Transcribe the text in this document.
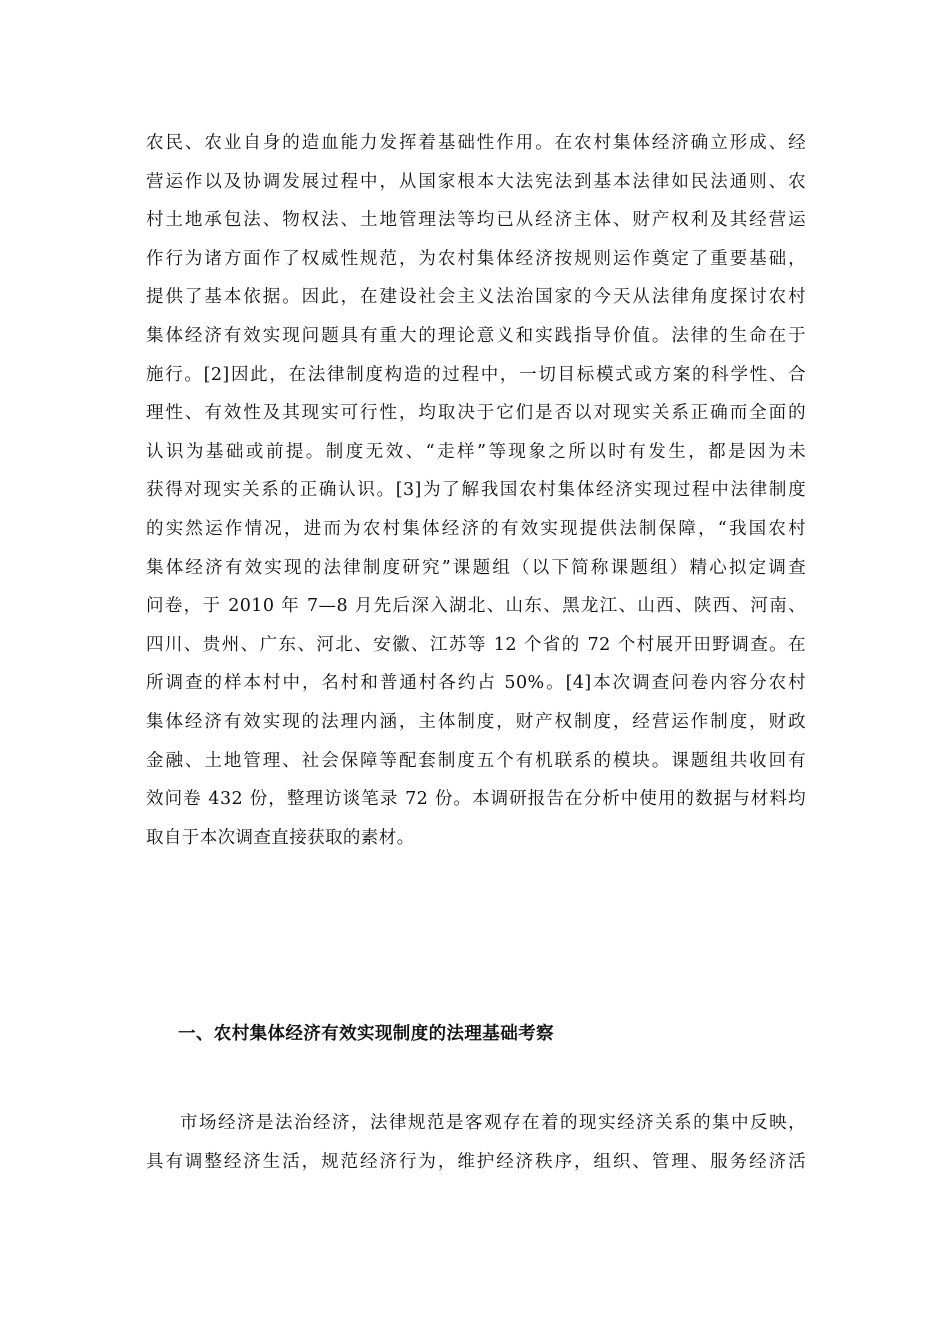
农民、农业自身的造血能力发挥着基础性作用。在农村集体经济确立形成、经
营运作以及协调发展过程中，从国家根本大法宪法到基本法律如民法通则、农
村土地承包法、物权法、土地管理法等均已从经济主体、财产权利及其经营运
作行为诸方面作了权威性规范，为农村集体经济按规则运作奠定了重要基础，
提供了基本依据。因此，在建设社会主义法治国家的今天从法律角度探讨农村
集体经济有效实现问题具有重大的理论意义和实践指导价值。法律的生命在于
施行。[2]因此，在法律制度构造的过程中，一切目标模式或方案的科学性、合
理性、有效性及其现实可行性，均取决于它们是否以对现实关系正确而全面的
认识为基础或前提。制度无效、“走样”等现象之所以时有发生，都是因为未
获得对现实关系的正确认识。[3]为了解我国农村集体经济实现过程中法律制度
的实然运作情况，进而为农村集体经济的有效实现提供法制保障，“我国农村
集体经济有效实现的法律制度研究”课题组（以下简称课题组）精心拟定调查
问卷，于 2010 年 7—8 月先后深入湖北、山东、黑龙江、山西、陕西、河南、
四川、贵州、广东、河北、安徽、江苏等 12 个省的 72 个村展开田野调查。在
所调查的样本村中，名村和普通村各约占 50%。[4]本次调查问卷内容分农村
集体经济有效实现的法理内涵，主体制度，财产权制度，经营运作制度，财政
金融、土地管理、社会保障等配套制度五个有机联系的模块。课题组共收回有
效问卷 432 份，整理访谈笔录 72 份。本调研报告在分析中使用的数据与材料均
取自于本次调查直接获取的素材。
一、农村集体经济有效实现制度的法理基础考察
市场经济是法治经济，法律规范是客观存在着的现实经济关系的集中反映，
具有调整经济生活，规范经济行为，维护经济秩序，组织、管理、服务经济活
